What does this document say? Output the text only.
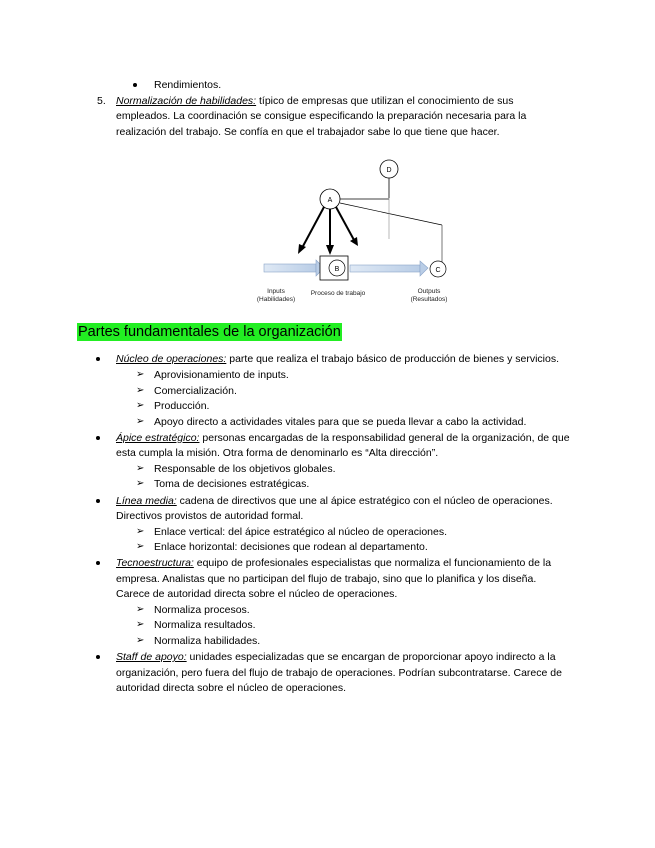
Rendimientos.
5. Normalización de habilidades: típico de empresas que utilizan el conocimiento de sus
empleados. La coordinación se consigue especificando la preparación necesaria para la
realización del trabajo. Se confía en que el trabajador sabe lo que tiene que hacer.
D
A
B	C
Inputs
(Habilidades)
Proceso de trabajo	Outputs
(Resultados)
Partes fundamentales de la organización
Núcleo de operaciones: parte que realiza el trabajo básico de producción de bienes y servicios.
➢ Aprovisionamiento de inputs.
➢ Comercialización.
➢ Producción.
➢ Apoyo directo a actividades vitales para que se pueda llevar a cabo la actividad.
Ápice estratégico: personas encargadas de la responsabilidad general de la organización, de que
esta cumpla la misión. Otra forma de denominarlo es “Alta dirección”.
➢ Responsable de los objetivos globales.
➢ Toma de decisiones estratégicas.
Línea media: cadena de directivos que une al ápice estratégico con el núcleo de operaciones.
Directivos provistos de autoridad formal.
➢ Enlace vertical: del ápice estratégico al núcleo de operaciones.
➢ Enlace horizontal: decisiones que rodean al departamento.
Tecnoestructura: equipo de profesionales especialistas que normaliza el funcionamiento de la
empresa. Analistas que no participan del flujo de trabajo, sino que lo planifica y los diseña.
Carece de autoridad directa sobre el núcleo de operaciones.
➢ Normaliza procesos.
➢ Normaliza resultados.
➢ Normaliza habilidades.
Staff de apoyo: unidades especializadas que se encargan de proporcionar apoyo indirecto a la
organización, pero fuera del flujo de trabajo de operaciones. Podrían subcontratarse. Carece de
autoridad directa sobre el núcleo de operaciones.
